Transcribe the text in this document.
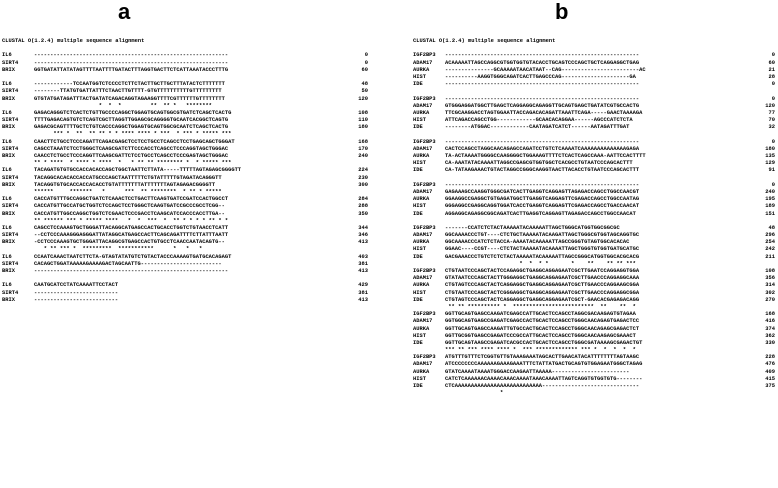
a	b
CLUSTAL O(1.2.4) multiple sequence alignment
IL6	------------------------------------------------------------	0
SIRT4	------------------------------------------------------------	0
BRIX	GGTGATATTATATAGTTTTAATTTTGATACTTTAGGTGACTTCTCATTAAATACCCTTTG	60
IL6	------------TCCAATGGTCTCCCCTCTTCTACTTGCTTGCTTTATACTCTTTTTTT	48
SIRT4	--------TTATGTGATTATTTCTAACTTGTTTT-GTGTTTTTTTTTTGTTTTTTTTT	50
BRIX	GTGTATGATAGATTTACTGATATCAGACAGGTAGAAGGTTTTCGTTTTTTGTTTTTTTT	120
*  *  *         **  ** *   ********
IL6	GAGACAGGGTCTCACTCTGTTGCCCCAGGCTGGAGTGCAGTGGCGTGATCTCAGCTCACTG	108
SIRT4	TTTTGAGACAGTGTCTCAGTCGCTTAGGTTGGAGCGCAGGGGTGCAATCACGGCTCAGTG	110
BRIX	GAGACGCAGTTTTGCTCTGTCACCCAGGCTGGAGTGCAGTGGCGCAATCTCAGCTCACTG	180
*** *  **  ** ** * * **** **** * ***  * *** * ***** ***
IL6	CAACTTCTGCCTCCCAGATTCAGACGAGCTCCTCCTGCCTCAGCCTCCTGAGCAGCTGGGAT	168
SIRT4	CAGCCTAAATCTCCTGGGCTCAAGCGATCTTCCCACCTCAGCCTCCCAGGTAGCTGGGAC	170
BRIX	CAACCTCTGCCTCCCAGGTTCAAGCGATTCTCCTGCCTCAGCCTCCCGAGTAGCTGGGAC	240
** * ****  * **** * ****  *   * ** ** ******** *  * ***** ***
IL6	TACAGATGTGTGCCACCACACCAGCTGGCTAATTCTTATA-----TTTTTAGTAGAGCGGGGTT	224
SIRT4	TACAGGCACACACCACCATGCCCAGCTAATTTTTCTGTATTTTTGTAGATACAGGGTT	230
BRIX	TACAGGTGTGCACCACCACACCTGTATTTTTTTATTTTTTTAGTAGAGACGGGGTT	300
******     *******   *      ***  ** ********  * ** * *****
IL6	CACCATGTTTGCCAGGCTGATCTCAAACTCCTGACTTCAAGTGATCCGATCCACTGGCCT	284
SIRT4	CACCATGTTGCCATGCTGGTCTCCAGCTCCTGGGCTCAAGTGATCCGCCCGCCTCGG--	288
BRIX	CACCATGTTGGCCAGGCTGGTCTCGAACTCCCGACCTCAAGCATCCACCCACCTTGA--	350
** ****** *** * ***** ****   *  *  ***  *  ** * * * * ** * *
IL6	CAGCCTCCAAAGTGCTGGGATTACAGGCATGAGCCACTGCACCTGGTCTGTAACCTCATT	344
SIRT4	--CCTCCCAAAGGGAGGGATTATAGGCATGAGCCACTTCAGCAGATTTTCTTATTTAATT	346
BRIX	-CCTCCCAAAGTGCTGGGATTACAGGCGTGAGCCACTGTGCCTCAACCAATACAGTG--	413
* ** *** *  *********  ***********      *   *   *
IL6	CCAATCAAACTAATCTTCTA-GTAGTATATGTCTGTACTACCCAAAAGTGATGCACAGAGT	403
SIRT4	CACAGCTGGATAAAAAGAAAAGACTAGCAATTG-------------------------	381
BRIX	------------------------------------------------------------	413
IL6	CAATGCATCCTATCAAAATTCCTACT	429
SIRT4	--------------------------	381
BRIX	--------------------------	413
CLUSTAL O(1.2.4) multiple sequence alignment
IGF2BP3	------------------------------------------------------------	0
ADAM17	ACAAAAATTAGCCAGGCGTGGTGGTGTACACCTGCAGTCCCAGCTGCTCAGGAGGCTGAG	60
AURKA	---------------GCAAAAATAACATAAT--CAG------------------------AC	21
HIST	----------AAGGTGGGCAGATCACTTGAGCCCAG---------------------GA	28
IDE	------------------------------------------------------------	0
IGF2BP3	------------------------------------------------------------	0
ADAM17	GTGGGAGGATGGCTTGAGCTCAGGAGGCAGAGGTTGCAGTGAGCTGATATCGTGCCACTG	120
AURKA	TTCGCAAGGACCTAGTGGAATTACCAGACACAGATTAAATTCAGA-----GAACTAAAAGA	77
HIST	ATTCAGACCAGCCTGG------------GCAACACAGGAA------AGCCCATCTCTA	70
IDE	--------ATGGAC------------CAATAGATCATCT------AATAGATTTGAT	32
IGF2BP3	------------------------------------------------------------	0
ADAM17	CACTCCAGCCTAGGCAACAGAGCCAGATCCTGTCTCAAAATCAAAAAAAAAAAAAAGAGA	180
AURKA	TA-ACTAAAATGGGGCCAAGGGGCTGGAAAGTTTTCTCACTCAGCCAAA-AATTCCACTTTT	135
HIST	CA-AAATATACAAAATTAGGCCGAGCGTGGTGGCTCACGCCTGTAATCCCAGCACTTT	129
IDE	CA-TATAAGAAACTGTACTAGGCCGGGCAAGGTAACTTACACCTGTAATCCCAGCACTTT	91
IGF2BP3	------------------------------------------------------------	0
ADAM17	GAGAAAGCCAAGGTGGGCGATCACTTGAGGTCAGGAGTTAGAGACCAGCCTGGCCAACGT	240
AURKA	GGAAGGCCGAGGCTGTGAGATGGCTTGAGGTCAGGAGTTCGAGACCAGCCTGGCCAATAG	195
HIST	GGGAGGCCGAGGCAGGTGGATCACCTGAGGTCAGGAGTTCGAGACCAGCCTGACCAACAT	189
IDE	AGGAGGCAGAGGCGGCAGATCACTTGAGGTCAGGAGTTAGAGACCAGCCTGGCCAACAT	151
IGF2BP3	-------CCATCTCTACTAAAAATACAAAAATTAGCTGGGCATGGTGGCGGCGC	48
ADAM17	GGCAAAACCCTGT----CTCTGCTAAAAATACAAGATTAGCTGGGCGTGGTAGCAGGTGC	296
AURKA	GGCAAAACCCATCTCTACCA-AAAATACAAAAATTAGCCGGGTGTAGTGGCACACAC	254
HIST	GGAAC----CCGT----CTCTACTAAAAATACAAAATTAGCTGGGTGTGGTGATGCATGC	242
IDE	GACGAAACCCTGTCTCTCTACTAAAAATACAAAAATTAGCCGGGCATGGTGGCACGCACG	211
*  *  * *       *    **    ** ** ***
IGF2BP3	CTGTAATCCCAGCTACTCCAGAGGCTGAGGCAGGAGAATCGCTTGAATCCAGGAGGTGGA	108
ADAM17	GTATAATCCCAGCTACTTGGGAGGCTGAGGCAGGAGAATCGCTTGAACCCAGGAGGCAAA	356
AURKA	CTGTAGTCCCAGCTACTCAGGAGGCTGAGGCAGGAGAATCGCTTGAACCCAGGAAGCGGA	314
HIST	CTGTAATCCCAGCTACTCGGGAGGCTGAGGCAGGAGAATCGCTTGAACCCAGGAGGCGGA	302
IDE	CTGTAGTCCCAGCTACTCAGGAGGCTGAGGCAGGAGAATCGCT-GAACACGAGAGACAGG	270
** ** ********** *  *************************  **    **  *
IGF2BP3	GGTTGCAGTGAGCCAAGATCGAGCCATTGCACTCCAGCCTAGGCGACAAGAGTGTAGAA	168
ADAM17	GGTGGCAGTGAGCCGAGATCGAGCCACTGCACTCCAGCCTGGGCAACAGAGTGAGACTCC	416
AURKA	GGTTGCAGTGAGCCAAGATTGTGCCACTGCACTCCAGCCTGGGCAACAGAGCGAGACTCT	374
HIST	GGTTGCGGTGAGCCGAGATCCCGCCATTGCACTCCAGCCTGGGCAACAAGAGCGAAACT	362
IDE	GGTTGCAGTAAGCCGAGATCACGCCACTGCACTCCAGCCTGGGCGATAAAAGCGAGACTGT	330
*** ** *** **** **** *  *** ************* *** *  *  *  *  *
IGF2BP3	ATGTTTGTTTCTCGGTGTTGTAAAGAAATAGCACTTGAACATACATTTTTTTTAGTAAGC	228
ADAM17	ATCCCCCCCCAAAAAAGAAAGAAATTTCTATTATGACTGCAGTGTGGAGAATGGGCTAGAG	476
AURKA	GTATCAAAATAAAATGGGACCAAGAATTAAAAA------------------------	409
HIST	CATCTCAAAAAACAAAACAAACAAAATAAACAAAATTAGTCAGGTGTGGTGTG--------	415
IDE	CTCAAAAAAAAAAAAAAAAAAAAAAAAAAA------------------------------	375
*
